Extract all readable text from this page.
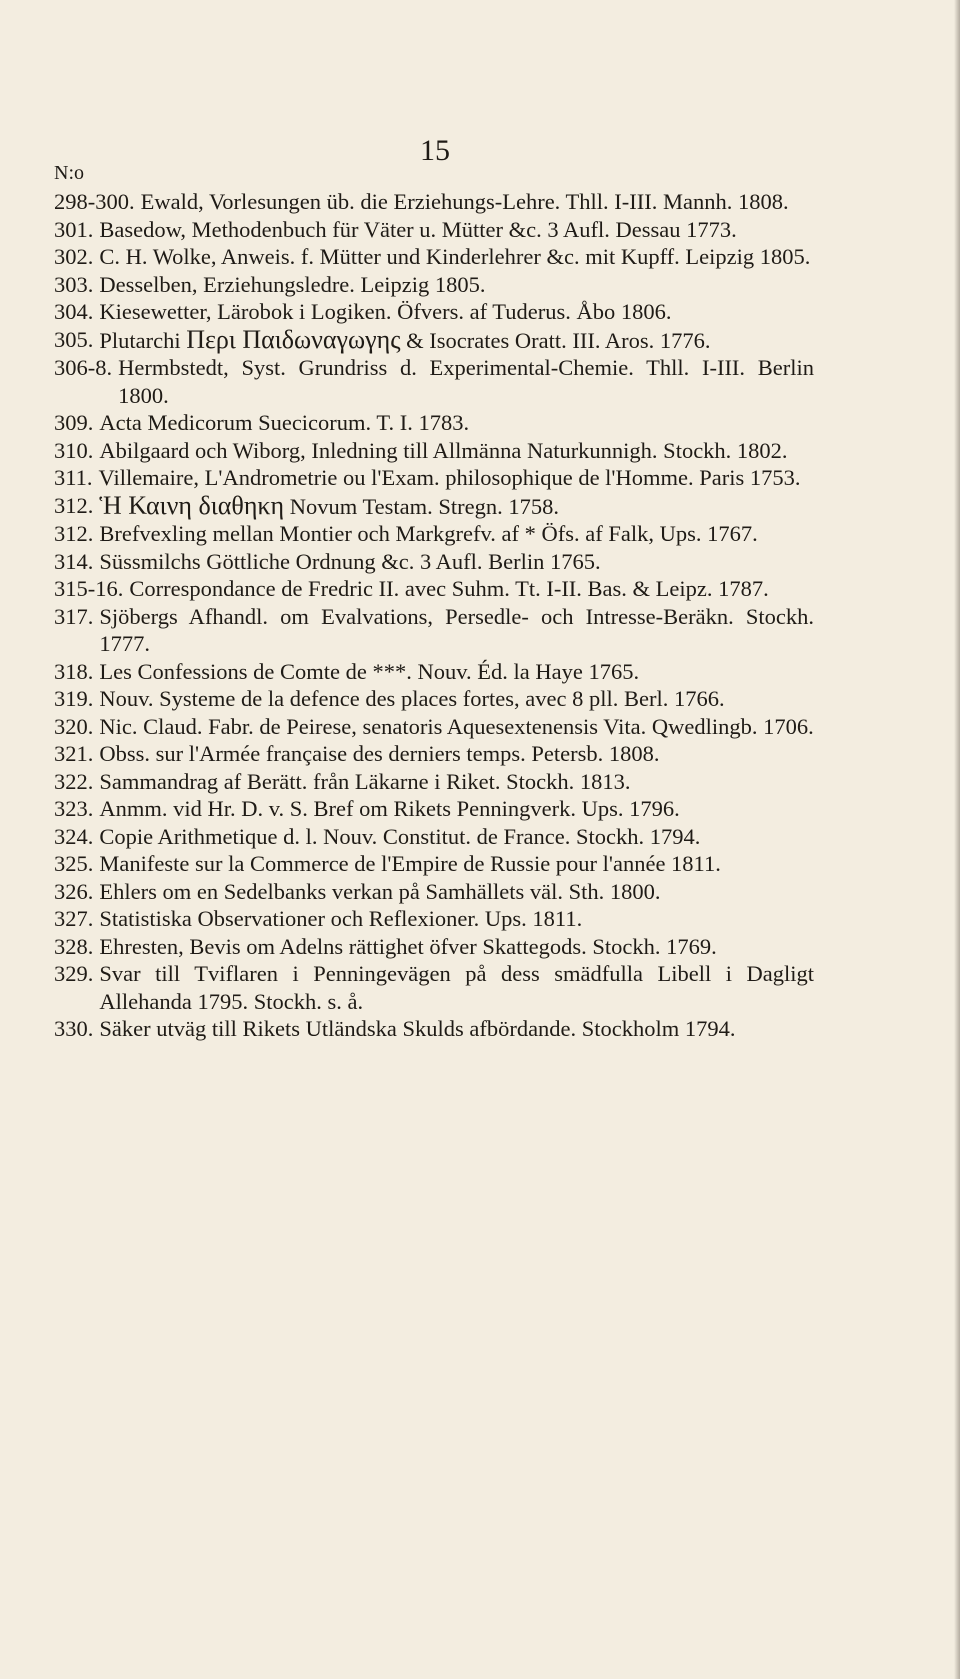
15
N:o
298-300. Ewald, Vorlesungen üb. die Erziehungs-Lehre. Thll. I-III. Mannh. 1808.
301. Basedow, Methodenbuch für Väter u. Mütter &c. 3 Aufl. Dessau 1773.
302. C. H. Wolke, Anweis. f. Mütter und Kinderlehrer &c. mit Kupff. Leipzig 1805.
303. Desselben, Erziehungsledre. Leipzig 1805.
304. Kiesewetter, Lärobok i Logiken. Öfvers. af Tuderus. Åbo 1806.
305. Plutarchi Περι Παιδωναγωγης & Isocrates Oratt. III. Aros. 1776.
306-8. Hermbstedt, Syst. Grundriss d. Experimental-Chemie. Thll. I-III. Berlin 1800.
309. Acta Medicorum Suecicorum. T. I. 1783.
310. Abilgaard och Wiborg, Inledning till Allmänna Naturkunnigh. Stockh. 1802.
311. Villemaire, L'Andrometrie ou l'Exam. philosophique de l'Homme. Paris 1753.
312. Ἡ Καινη διαθηκη Novum Testam. Stregn. 1758.
312. Brefvexling mellan Montier och Markgrefv. af * Öfs. af Falk, Ups. 1767.
314. Süssmilchs Göttliche Ordnung &c. 3 Aufl. Berlin 1765.
315-16. Correspondance de Fredric II. avec Suhm. Tt. I-II. Bas. & Leipz. 1787.
317. Sjöbergs Afhandl. om Evalvations, Persedle- och Intresse-Beräkn. Stockh. 1777.
318. Les Confessions de Comte de ***. Nouv. Éd. la Haye 1765.
319. Nouv. Systeme de la defence des places fortes, avec 8 pll. Berl. 1766.
320. Nic. Claud. Fabr. de Peirese, senatoris Aquesextenensis Vita. Qwedlingb. 1706.
321. Obss. sur l'Armée française des derniers temps. Petersb. 1808.
322. Sammandrag af Berätt. från Läkarne i Riket. Stockh. 1813.
323. Anmm. vid Hr. D. v. S. Bref om Rikets Penningverk. Ups. 1796.
324. Copie Arithmetique d. l. Nouv. Constitut. de France. Stockh. 1794.
325. Manifeste sur la Commerce de l'Empire de Russie pour l'année 1811.
326. Ehlers om en Sedelbanks verkan på Samhällets väl. Sth. 1800.
327. Statistiska Observationer och Reflexioner. Ups. 1811.
328. Ehresten, Bevis om Adelns rättighet öfver Skattegods. Stockh. 1769.
329. Svar till Tviflaren i Penningevägen på dess smädfulla Libell i Dagligt Allehanda 1795. Stockh. s. å.
330. Säker utväg till Rikets Utländska Skulds afbördande. Stockholm 1794.
